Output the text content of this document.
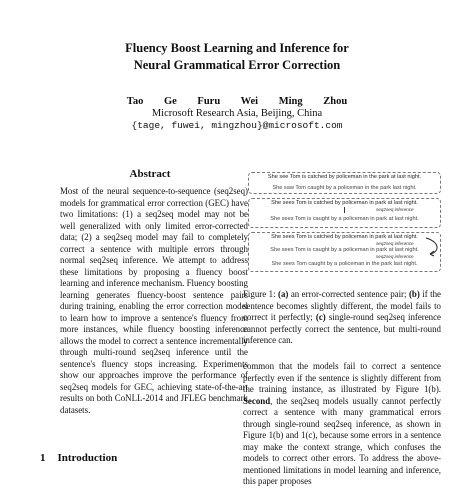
Fluency Boost Learning and Inference for
Neural Grammatical Error Correction
Tao Ge Furu Wei Ming Zhou
Microsoft Research Asia, Beijing, China
{tage, fuwei, mingzhou}@microsoft.com
Abstract

Most of the neural sequence-to-sequence (seq2seq) models for grammatical error correction (GEC) have two limitations: (1) a seq2seq model may not be well generalized with only limited error-corrected data; (2) a seq2seq model may fail to completely correct a sentence with multiple errors through normal seq2seq inference. We attempt to address these limitations by proposing a fluency boost learning and inference mechanism. Fluency boosting learning generates fluency-boost sentence pairs during training, enabling the error correction model to learn how to improve a sentence's fluency from more instances, while fluency boosting inference allows the model to correct a sentence incrementally through multi-round seq2seq inference until the sentence's fluency stops increasing. Experiments show our approaches improve the performance of seq2seq models for GEC, achieving state-of-the-art results on both CoNLL-2014 and JFLEG benchmark datasets.

She see Tom is catched by policeman in the park at last night.
She saw Tom caught by a policeman in the park last night.
She sees Tom is catched by policeman in park at last night.
seq2seq inference
She sees Tom is caught by a policeman in park at last night.
She sees Tom is catched by policeman in park at last night.
seq2seq inference
She sees Tom is caught by a policeman in park at last night.
seq2seq inference
She sees Tom caught by a policeman in the park last night.
Figure 1: (a) an error-corrected sentence pair; (b) if the sentence becomes slightly different, the model fails to correct it perfectly; (c) single-round seq2seq inference cannot perfectly correct the sentence, but multi-round inference can.
common that the models fail to correct a sentence perfectly even if the sentence is slightly different from the training instance, as illustrated by Figure 1(b). Second, the seq2seq models usually cannot perfectly correct a sentence with many grammatical errors through single-round seq2seq inference, as shown in Figure 1(b) and 1(c), because some errors in a sentence may make the context strange, which confuses the models to correct other errors. To address the above-mentioned limitations in model learning and inference, this paper proposes
1 Introduction
